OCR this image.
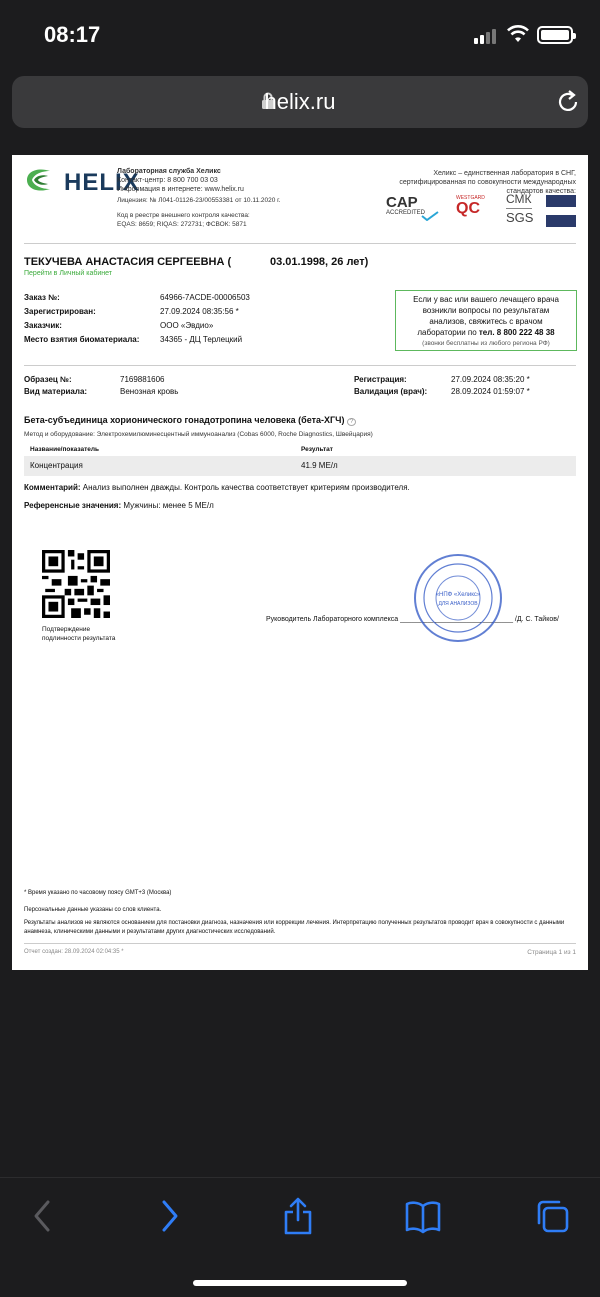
08:17
helix.ru
HELIX
Лабораторная служба Хеликс
Контакт-центр: 8 800 700 03 03
Информация в интернете: www.helix.ru
Лицензия: № Л041-01126-23/00553381 от 10.11.2020 г.
Код в реестре внешнего контроля качества:
EQAS: 8659; RIQAS: 272731; ФСВОК: 5871
Хеликс – единственная лаборатория в СНГ,
сертифицированная по совокупности международных
стандартов качества:
CAP
ACCREDITED
WESTGARD
QC
СМК
SGS
ТЕКУЧЕВА АНАСТАСИЯ СЕРГЕЕВНА (	03.01.1998, 26 лет)
Перейти в Личный кабинет
Заказ №:	64966-7ACDE-00006503
Зарегистрирован:	27.09.2024 08:35:56 *
Заказчик:	ООО «Эвдио»
Место взятия биоматериала:	34365 - ДЦ Терлецкий
Если у вас или вашего лечащего врача
возникли вопросы по результатам
анализов, свяжитесь с врачом
лаборатории по тел. 8 800 222 48 38
(звонки бесплатны из любого региона РФ)
Образец №:	7169881606
Вид материала:	Венозная кровь
Регистрация:	27.09.2024 08:35:20 *
Валидация (врач):	28.09.2024 01:59:07 *
Бета-субъединица хорионического гонадотропина человека (бета-ХГЧ) ?
Метод и оборудование: Электрохемилюминесцентный иммуноанализ (Cobas 6000, Roche Diagnostics, Швейцария)
Название/показатель	Результат
Концентрация	41.9 МЕ/л
Комментарий: Анализ выполнен дважды. Контроль качества соответствует критериям производителя.
Референсные значения: Мужчины: менее 5 МЕ/л
Подтверждение
подлинности результата
Руководитель Лабораторного комплекса _____________________________ /Д. С. Тайков/
«НПФ «Хеликс»
ДЛЯ АНАЛИЗОВ
* Время указано по часовому поясу GMT+3 (Москва)
Персональные данные указаны со слов клиента.
Результаты анализов не являются основанием для постановки диагноза, назначения или коррекции лечения. Интерпретацию полученных результатов проводит врач в совокупности с данными анамнеза, клиническими данными и результатами других диагностических исследований.
Отчет создан: 28.09.2024 02:04:35 *	Страница 1 из 1
